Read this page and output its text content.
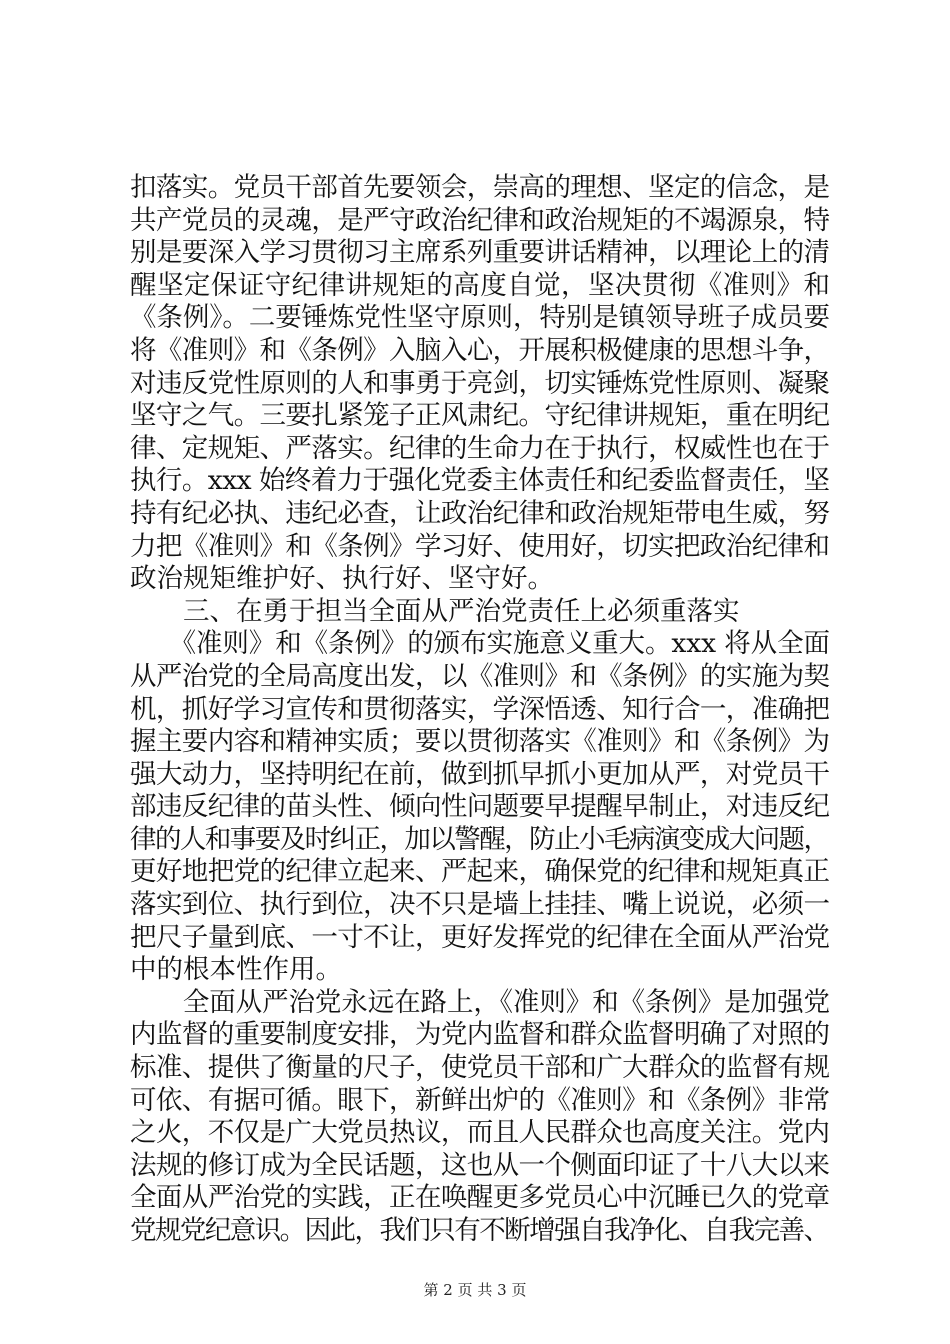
扣落实。党员干部首先要领会，崇高的理想、坚定的信念，是
共产党员的灵魂，是严守政治纪律和政治规矩的不竭源泉，特
别是要深入学习贯彻习主席系列重要讲话精神，以理论上的清
醒坚定保证守纪律讲规矩的高度自觉，坚决贯彻《准则》和
《条例》。二要锤炼党性坚守原则，特别是镇领导班子成员要
将《准则》和《条例》入脑入心，开展积极健康的思想斗争，
对违反党性原则的人和事勇于亮剑，切实锤炼党性原则、凝聚
坚守之气。三要扎紧笼子正风肃纪。守纪律讲规矩，重在明纪
律、定规矩、严落实。纪律的生命力在于执行，权威性也在于
执行。xxx 始终着力于强化党委主体责任和纪委监督责任，坚
持有纪必执、违纪必查，让政治纪律和政治规矩带电生威，努
力把《准则》和《条例》学习好、使用好，切实把政治纪律和
政治规矩维护好、执行好、坚守好。
　　三、在勇于担当全面从严治党责任上必须重落实
　　《准则》和《条例》的颁布实施意义重大。xxx 将从全面
从严治党的全局高度出发，以《准则》和《条例》的实施为契
机，抓好学习宣传和贯彻落实，学深悟透、知行合一，准确把
握主要内容和精神实质；要以贯彻落实《准则》和《条例》为
强大动力，坚持明纪在前，做到抓早抓小更加从严，对党员干
部违反纪律的苗头性、倾向性问题要早提醒早制止，对违反纪
律的人和事要及时纠正，加以警醒，防止小毛病演变成大问题，
更好地把党的纪律立起来、严起来，确保党的纪律和规矩真正
落实到位、执行到位，决不只是墙上挂挂、嘴上说说，必须一
把尺子量到底、一寸不让，更好发挥党的纪律在全面从严治党
中的根本性作用。
　　全面从严治党永远在路上，《准则》和《条例》是加强党
内监督的重要制度安排，为党内监督和群众监督明确了对照的
标准、提供了衡量的尺子，使党员干部和广大群众的监督有规
可依、有据可循。眼下，新鲜出炉的《准则》和《条例》非常
之火，不仅是广大党员热议，而且人民群众也高度关注。党内
法规的修订成为全民话题，这也从一个侧面印证了十八大以来
全面从严治党的实践，正在唤醒更多党员心中沉睡已久的党章
党规党纪意识。因此，我们只有不断增强自我净化、自我完善、
第 2 页 共 3 页
